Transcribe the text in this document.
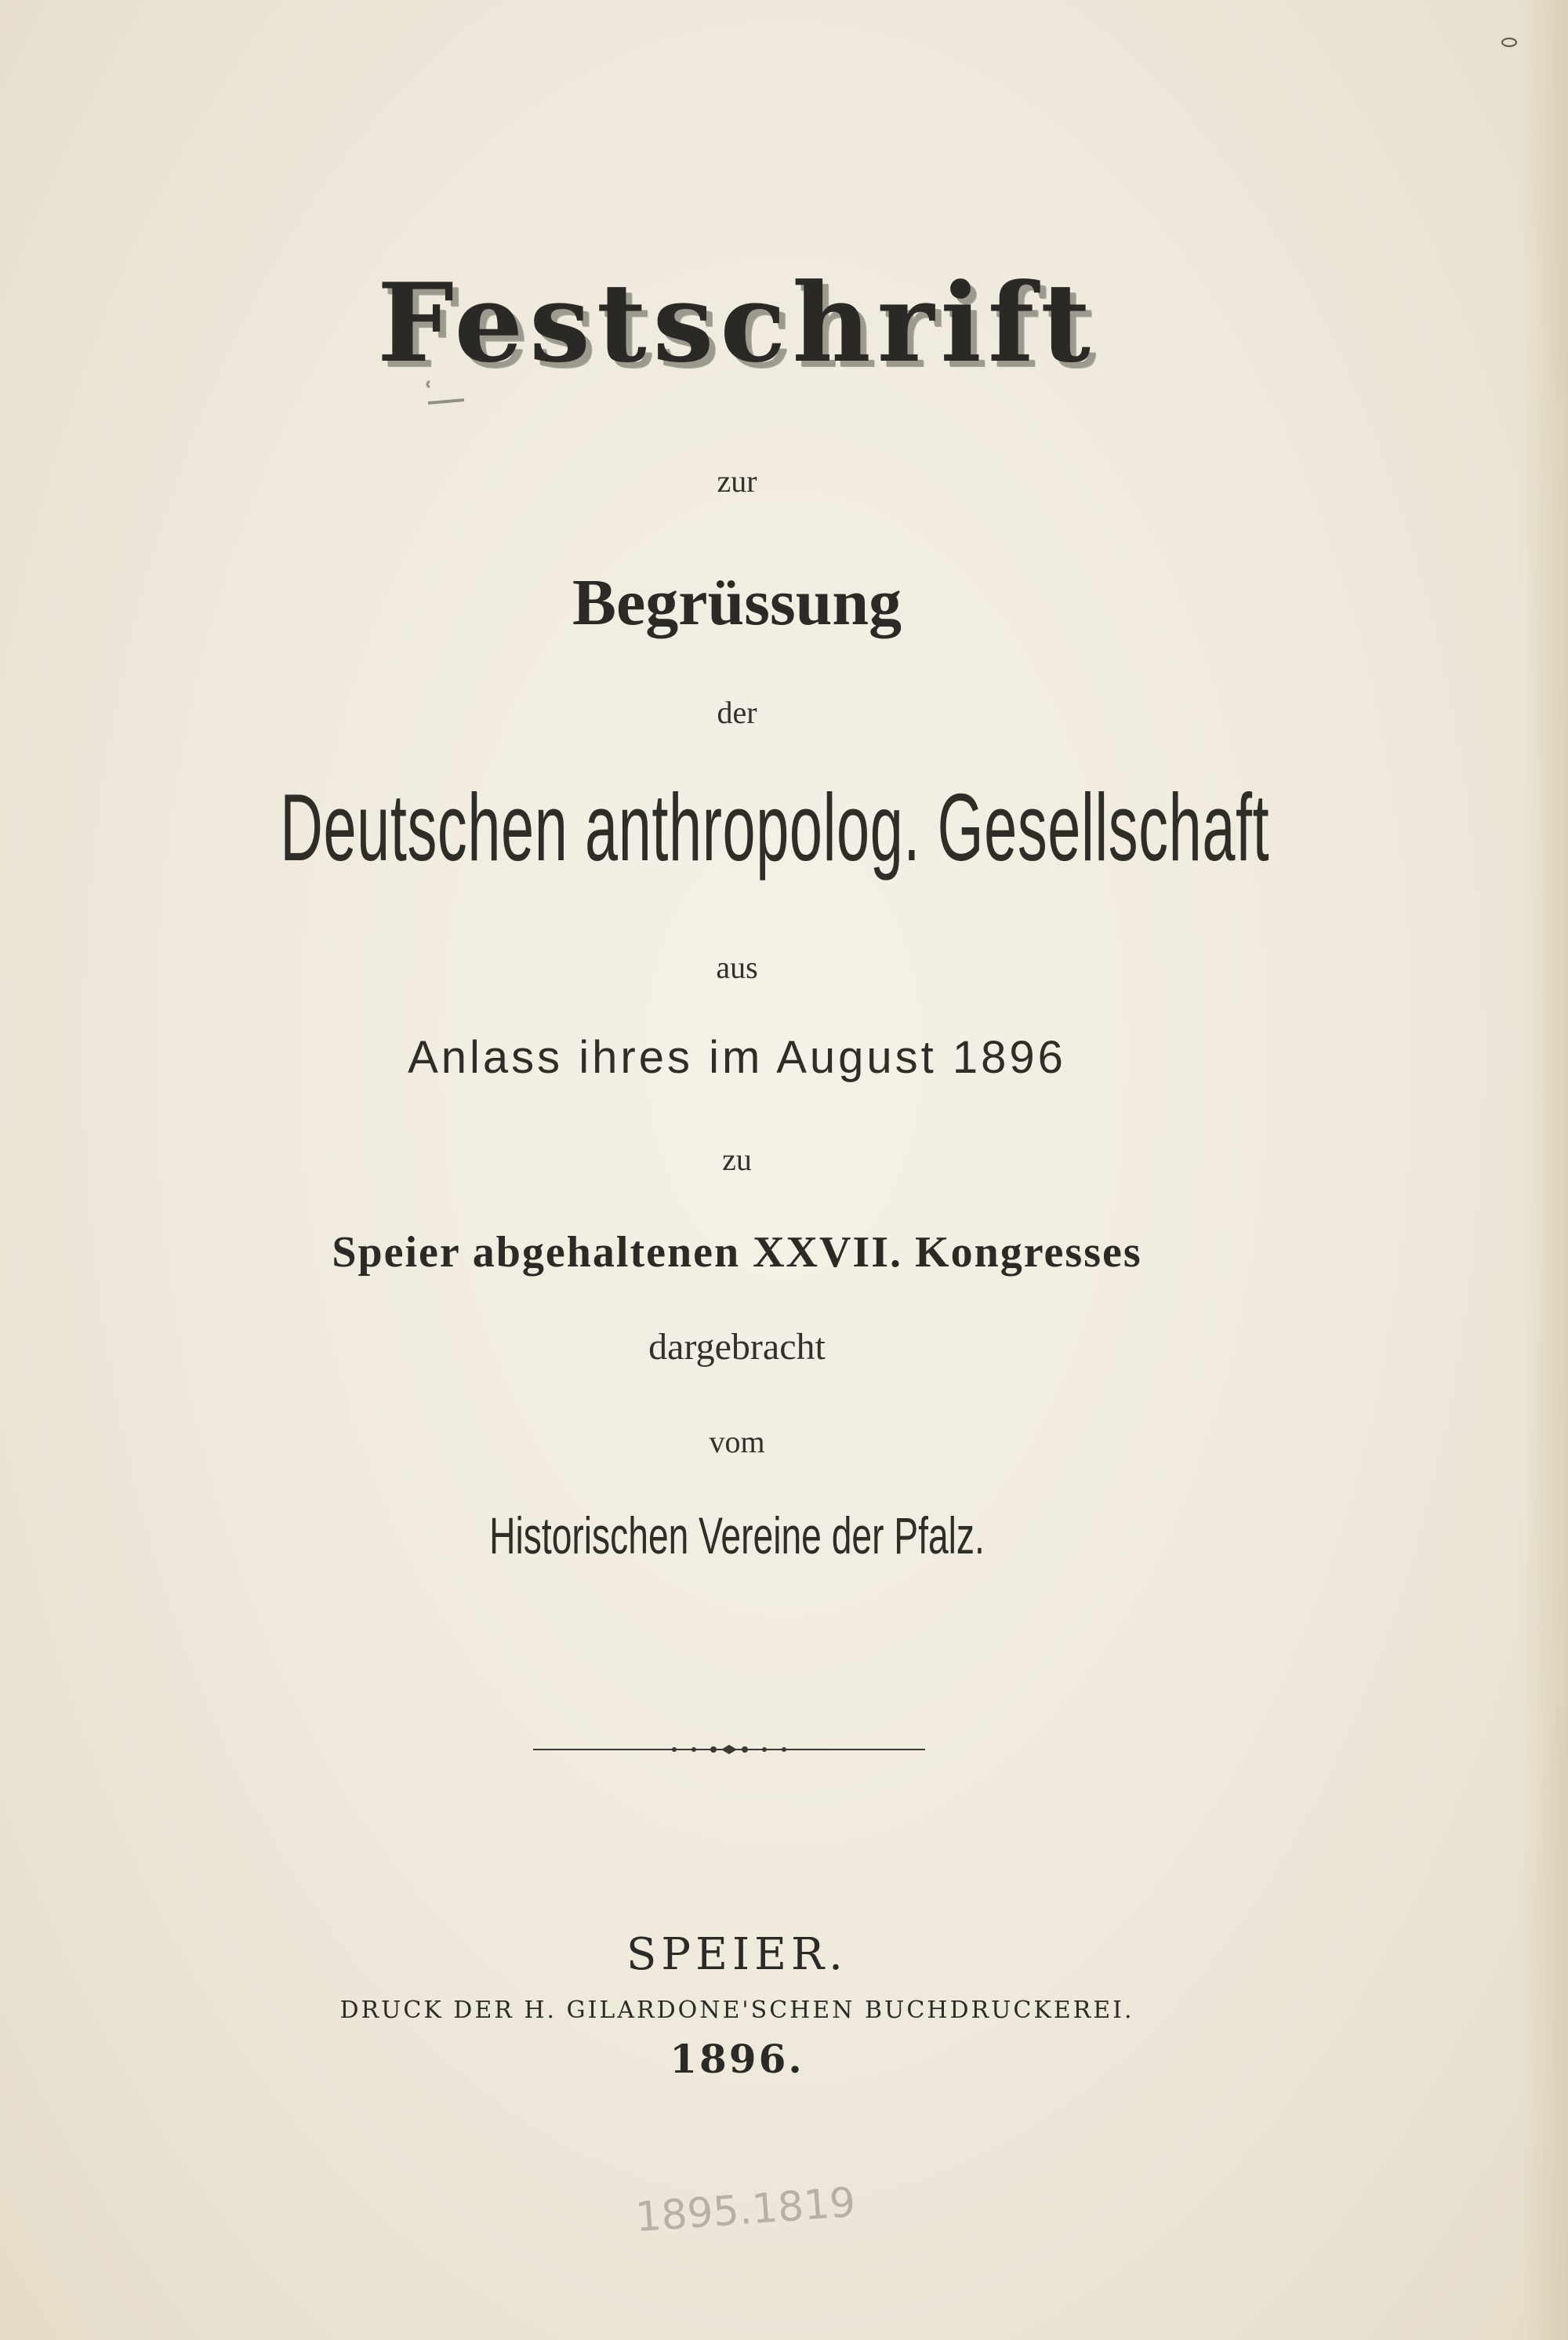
Festschrift
zur
Begrüssung
der
Deutschen anthropolog. Gesellschaft
aus
Anlass ihres im August 1896
zu
Speier abgehaltenen XXVII. Kongresses
dargebracht
vom
Historischen Vereine der Pfalz.
SPEIER.
DRUCK DER H. GILARDONE'SCHEN BUCHDRUCKEREI.
1896.
1895.1819
